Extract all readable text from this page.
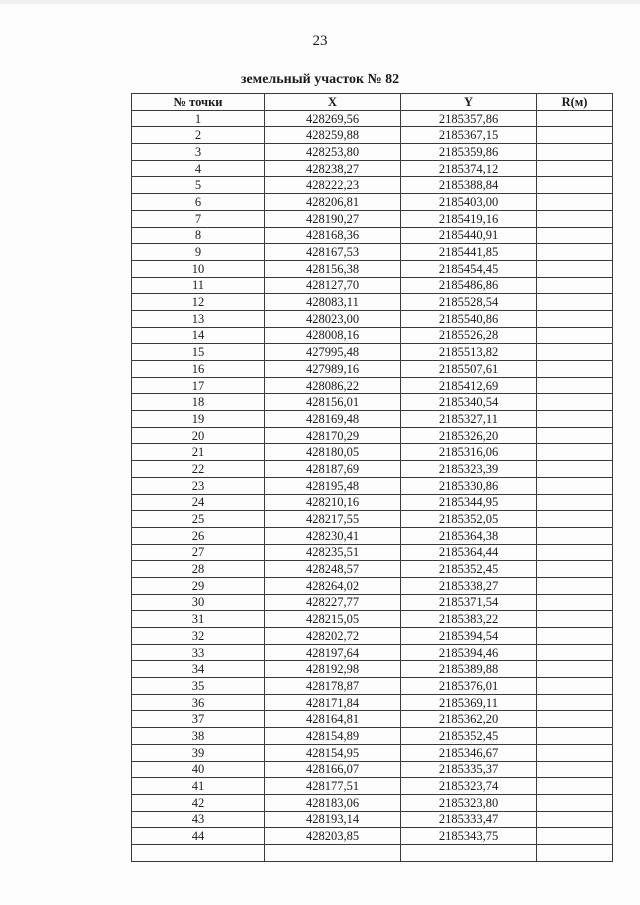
23
земельный участок № 82
№ точки	X	Y	R(м)
1	428269,56	2185357,86	
2	428259,88	2185367,15	
3	428253,80	2185359,86	
4	428238,27	2185374,12	
5	428222,23	2185388,84	
6	428206,81	2185403,00	
7	428190,27	2185419,16	
8	428168,36	2185440,91	
9	428167,53	2185441,85	
10	428156,38	2185454,45	
11	428127,70	2185486,86	
12	428083,11	2185528,54	
13	428023,00	2185540,86	
14	428008,16	2185526,28	
15	427995,48	2185513,82	
16	427989,16	2185507,61	
17	428086,22	2185412,69	
18	428156,01	2185340,54	
19	428169,48	2185327,11	
20	428170,29	2185326,20	
21	428180,05	2185316,06	
22	428187,69	2185323,39	
23	428195,48	2185330,86	
24	428210,16	2185344,95	
25	428217,55	2185352,05	
26	428230,41	2185364,38	
27	428235,51	2185364,44	
28	428248,57	2185352,45	
29	428264,02	2185338,27	
30	428227,77	2185371,54	
31	428215,05	2185383,22	
32	428202,72	2185394,54	
33	428197,64	2185394,46	
34	428192,98	2185389,88	
35	428178,87	2185376,01	
36	428171,84	2185369,11	
37	428164,81	2185362,20	
38	428154,89	2185352,45	
39	428154,95	2185346,67	
40	428166,07	2185335,37	
41	428177,51	2185323,74	
42	428183,06	2185323,80	
43	428193,14	2185333,47	
44	428203,85	2185343,75	
